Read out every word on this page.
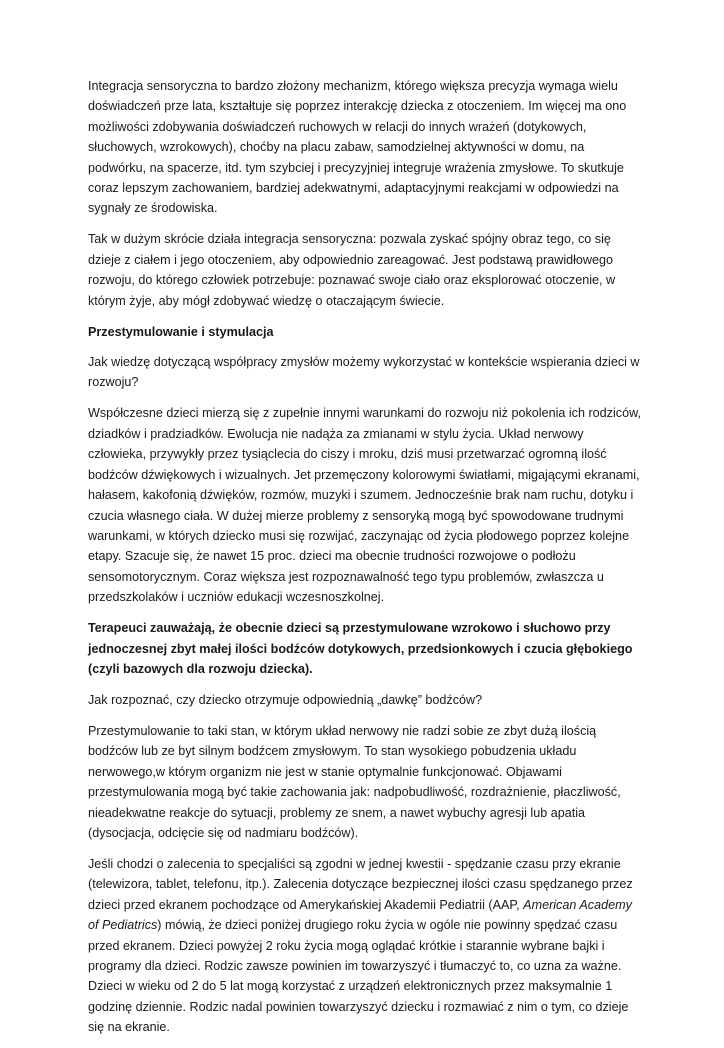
Integracja sensoryczna to bardzo złożony mechanizm, którego większa precyzja wymaga wielu doświadczeń prze lata, kształtuje się poprzez interakcję dziecka z otoczeniem. Im więcej ma ono możliwości zdobywania doświadczeń ruchowych w relacji do innych wrażeń (dotykowych, słuchowych, wzrokowych), choćby na placu zabaw, samodzielnej aktywności w domu, na podwórku, na spacerze, itd. tym szybciej i precyzyjniej integruje wrażenia zmysłowe. To skutkuje coraz lepszym zachowaniem, bardziej adekwatnymi, adaptacyjnymi reakcjami w odpowiedzi na sygnały ze środowiska.

Tak w dużym skrócie działa integracja sensoryczna: pozwala zyskać spójny obraz tego, co się dzieje z ciałem i jego otoczeniem, aby odpowiednio zareagować. Jest podstawą prawidłowego rozwoju, do którego człowiek potrzebuje: poznawać swoje ciało oraz eksplorować otoczenie, w którym żyje, aby mógł zdobywać wiedzę o otaczającym świecie.

Przestymulowanie i stymulacja

Jak wiedzę dotyczącą współpracy zmysłów możemy wykorzystać w kontekście wspierania dzieci w rozwoju?

Współczesne dzieci mierzą się z zupełnie innymi warunkami do rozwoju niż pokolenia ich rodziców, dziadków i pradziadków. Ewolucja nie nadąża za zmianami w stylu życia. Układ nerwowy człowieka, przywykły przez tysiąclecia do ciszy i mroku, dziś musi przetwarzać ogromną ilość bodźców dźwiękowych i wizualnych. Jet przemęczony kolorowymi światłami, migającymi ekranami, hałasem, kakofonią dźwięków, rozmów, muzyki i szumem. Jednocześnie brak nam ruchu, dotyku i czucia własnego ciała. W dużej mierze problemy z sensoryką mogą być spowodowane trudnymi warunkami, w których dziecko musi się rozwijać, zaczynając od życia płodowego poprzez kolejne etapy. Szacuje się, że nawet 15 proc. dzieci ma obecnie trudności rozwojowe o podłożu sensomotorycznym. Coraz większa jest rozpoznawalność tego typu problemów, zwłaszcza u przedszkolaków i uczniów edukacji wczesnoszkolnej.

Terapeuci zauważają, że obecnie dzieci są przestymulowane wzrokowo i słuchowo przy jednoczesnej zbyt małej ilości bodźców dotykowych, przedsionkowych i czucia głębokiego (czyli bazowych dla rozwoju dziecka).

Jak rozpoznać, czy dziecko otrzymuje odpowiednią „dawkę” bodźców?

Przestymulowanie to taki stan, w którym układ nerwowy nie radzi sobie ze zbyt dużą ilością bodźców lub ze byt silnym bodźcem zmysłowym. To stan wysokiego pobudzenia układu nerwowego,w którym organizm nie jest w stanie optymalnie funkcjonować. Objawami przestymulowania mogą być takie zachowania jak: nadpobudliwość, rozdrażnienie, płaczliwość, nieadekwatne reakcje do sytuacji, problemy ze snem, a nawet wybuchy agresji lub apatia (dysocjacja, odcięcie się od nadmiaru bodźców).

Jeśli chodzi o zalecenia to specjaliści są zgodni w jednej kwestii - spędzanie czasu przy ekranie (telewizora, tablet, telefonu, itp.). Zalecenia dotyczące bezpiecznej ilości czasu spędzanego przez dzieci przed ekranem pochodzące od Amerykańskiej Akademii Pediatrii (AAP, American Academy of Pediatrics) mówią, że dzieci poniżej drugiego roku życia w ogóle nie powinny spędzać czasu przed ekranem. Dzieci powyżej 2 roku życia mogą oglądać krótkie i starannie wybrane bajki i programy dla dzieci. Rodzic zawsze powinien im towarzyszyć i tłumaczyć to, co uzna za ważne. Dzieci w wieku od 2 do 5 lat mogą korzystać z urządzeń elektronicznych przez maksymalnie 1 godzinę dziennie. Rodzic nadal powinien towarzyszyć dziecku i rozmawiać z nim o tym, co dzieje się na ekranie.
